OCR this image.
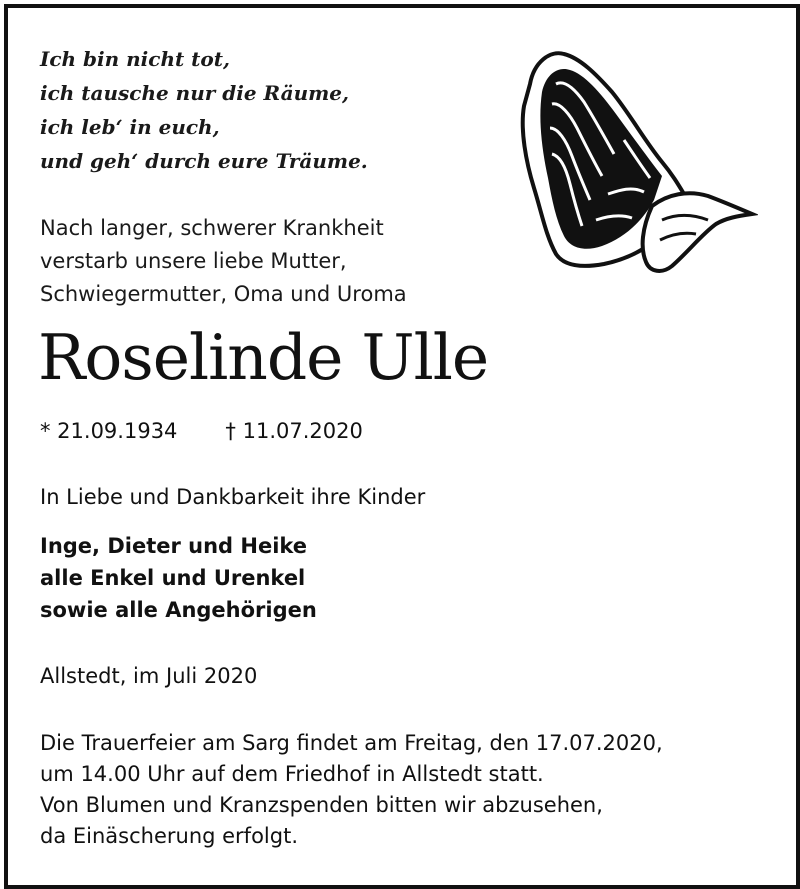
Ich bin nicht tot,
ich tausche nur die Räume,
ich leb‘ in euch,
und geh‘ durch eure Träume.
Nach langer, schwerer Krankheit
verstarb unsere liebe Mutter,
Schwiegermutter, Oma und Uroma
Roselinde Ulle
* 21.09.1934 † 11.07.2020
In Liebe und Dankbarkeit ihre Kinder
Inge, Dieter und Heike
alle Enkel und Urenkel
sowie alle Angehörigen
Allstedt, im Juli 2020
Die Trauerfeier am Sarg findet am Freitag, den 17.07.2020,
um 14.00 Uhr auf dem Friedhof in Allstedt statt.
Von Blumen und Kranzspenden bitten wir abzusehen,
da Einäscherung erfolgt.
